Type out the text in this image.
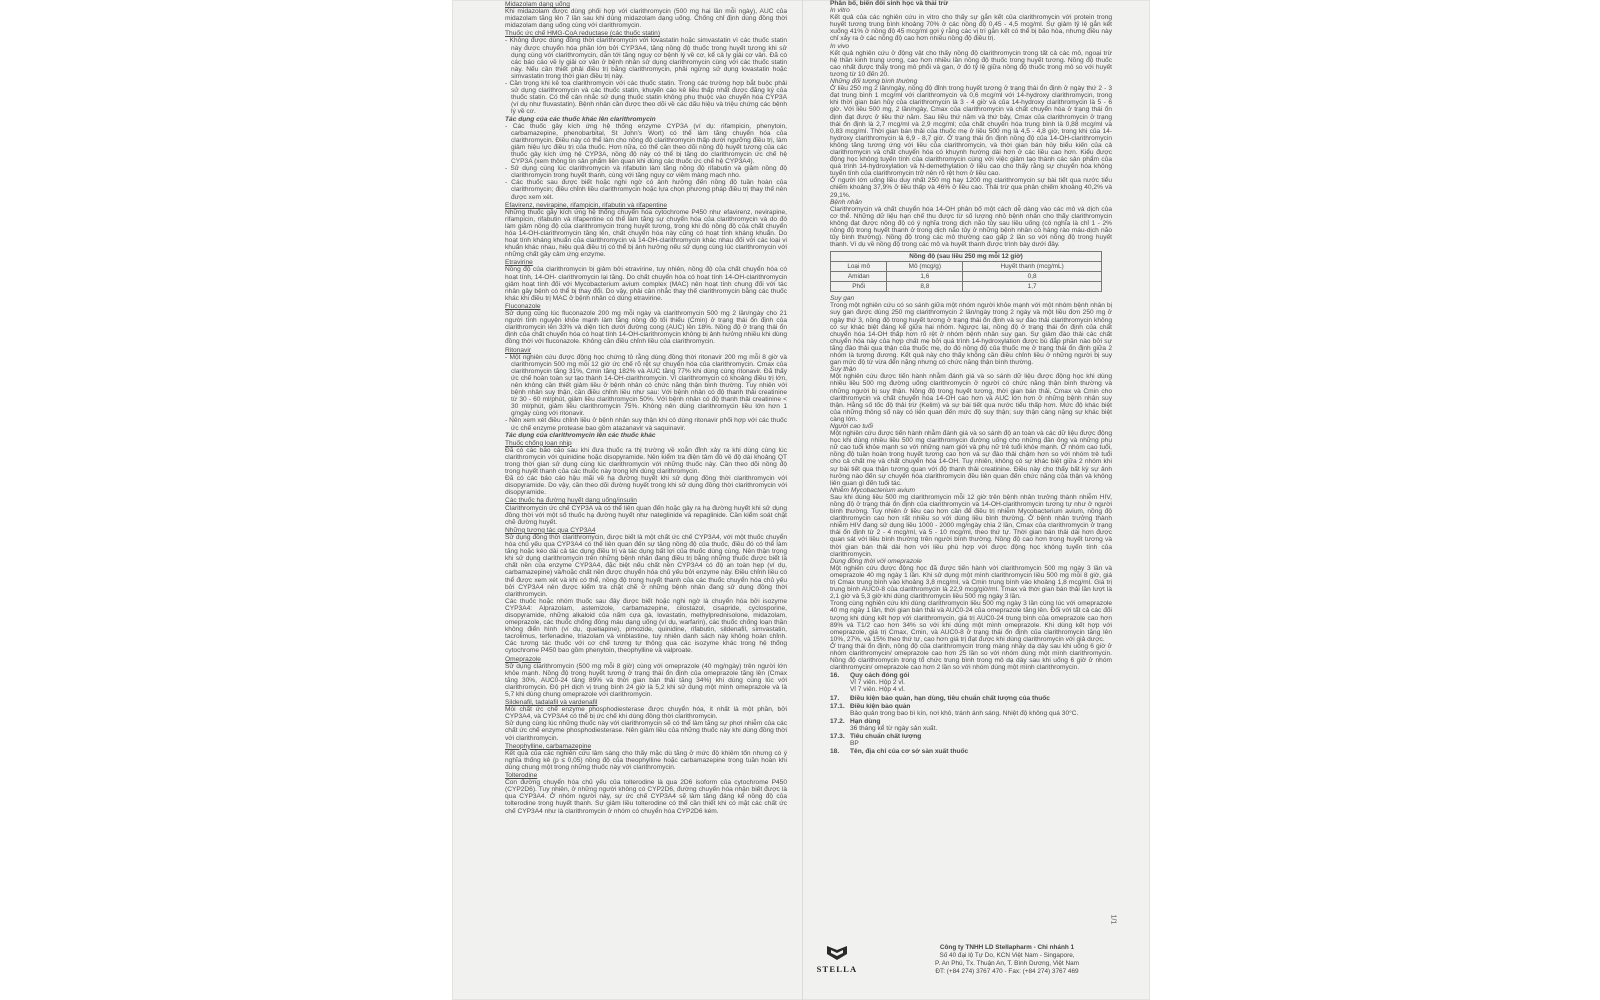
Midazolam dạng uống

Khi midazolam được dùng phối hợp với clarithromycin (500 mg hai lần mỗi ngày), AUC của midazolam tăng lên 7 lần sau khi dùng midazolam dạng uống. Chống chỉ định dùng đồng thời midazolam dạng uống cùng với clarithromycin.

Thuốc ức chế HMG-CoA reductase (các thuốc statin)

- Không được dùng đồng thời clarithromycin với lovastatin hoặc simvastatin vì các thuốc statin này được chuyển hóa phần lớn bởi CYP3A4, tăng nồng độ thuốc trong huyết tương khi sử dụng cùng với clarithromycin, dẫn tới tăng nguy cơ bệnh lý về cơ, kể cả ly giải cơ vân. Đã có các báo cáo về ly giải cơ vân ở bệnh nhân sử dụng clarithromycin cùng với các thuốc statin này. Nếu cần thiết phải điều trị bằng clarithromycin, phải ngừng sử dụng lovastatin hoặc simvastatin trong thời gian điều trị này.

- Cần trọng khi kê toa clarithromycin với các thuốc statin. Trong các trường hợp bắt buộc phải sử dụng clarithromycin và các thuốc statin, khuyến cáo kê liều thấp nhất được đăng ký của thuốc statin. Có thể cân nhắc sử dụng thuốc statin không phụ thuộc vào chuyển hóa CYP3A (ví dụ như fluvastatin). Bệnh nhân cần được theo dõi về các dấu hiệu và triệu chứng các bệnh lý về cơ.

Tác dụng của các thuốc khác lên clarithromycin

- Các thuốc gây kích ứng hệ thống enzyme CYP3A (ví dụ: rifampicin, phenytoin, carbamazepine, phenobarbital, St John's Wort) có thể làm tăng chuyển hóa của clarithromycin. Điều này có thể làm cho nồng độ clarithromycin thấp dưới ngưỡng điều trị, làm giảm hiệu lực điều trị của thuốc. Hơn nữa, có thể cần theo dõi nồng độ huyết tương của các thuốc gây kích ứng hệ CYP3A, nồng độ này có thể bị tăng do clarithromycin ức chế hệ CYP3A (xem thông tin sản phẩm liên quan khi dùng các thuốc ức chế hệ CYP3A4).

- Sử dụng cùng lúc clarithromycin và rifabutin làm tăng nồng độ rifabutin và giảm nồng độ clarithromycin trong huyết thanh, cùng với tăng nguy cơ viêm màng mạch nho.

- Các thuốc sau được biết hoặc nghi ngờ có ảnh hưởng đến nồng độ tuần hoàn của clarithromycin; điều chỉnh liều clarithromycin hoặc lựa chọn phương pháp điều trị thay thế nên được xem xét.

Efavirenz, nevirapine, rifampicin, rifabutin và rifapentine

Những thuốc gây kích ứng hệ thống chuyển hóa cytochrome P450 như efavirenz, nevirapine, rifampicin, rifabutin và rifapentine có thể làm tăng sự chuyển hóa của clarithromycin và do đó làm giảm nồng độ của clarithromycin trong huyết tương, trong khi đó nồng độ của chất chuyển hóa 14-OH-clarithromycin tăng lên, chất chuyển hóa này cũng có hoạt tính kháng khuẩn. Do hoạt tính kháng khuẩn của clarithromycin và 14-OH-clarithromycin khác nhau đối với các loại vi khuẩn khác nhau, hiệu quả điều trị có thể bị ảnh hưởng nếu sử dụng cùng lúc clarithromycin với những chất gây cảm ứng enzyme.

Etravirine

Nồng độ của clarithromycin bị giảm bởi etravirine, tuy nhiên, nồng độ của chất chuyển hóa có hoạt tính, 14-OH- clarithromycin lại tăng. Do chất chuyển hóa có hoạt tính 14-OH-clarithromycin giảm hoạt tính đối với Mycobacterium avium complex (MAC) nên hoạt tính chung đối với tác nhân gây bệnh có thể bị thay đổi. Do vậy, phải cân nhắc thay thế clarithromycin bằng các thuốc khác khi điều trị MAC ở bệnh nhân có dùng etravirine.

Fluconazole

Sử dụng cùng lúc fluconazole 200 mg mỗi ngày và clarithromycin 500 mg 2 lần/ngày cho 21 người tình nguyện khỏe mạnh làm tăng nồng độ tối thiểu (Cmin) ở trạng thái ổn định của clarithromycin lên 33% và diện tích dưới đường cong (AUC) lên 18%. Nồng độ ở trạng thái ổn định của chất chuyển hóa có hoạt tính 14-OH-clarithromycin không bị ảnh hưởng nhiều khi dùng đồng thời với fluconazole. Không cần điều chỉnh liều của clarithromycin.

Ritonavir

- Một nghiên cứu được động học chứng tỏ rằng dùng đồng thời ritonavir 200 mg mỗi 8 giờ và clarithromycin 500 mg mỗi 12 giờ ức chế rõ rệt sự chuyển hóa của clarithromycin. Cmax của clarithromycin tăng 31%, Cmin tăng 182% và AUC tăng 77% khi dùng cùng ritonavir. Đã thấy ức chế hoàn toàn sự tạo thành 14-OH-clarithromycin. Vì clarithromycin có khoảng điều trị lớn, nên không cần thiết giảm liều ở bệnh nhân có chức năng thận bình thường. Tuy nhiên với bệnh nhân suy thận, cần điều chỉnh liều như sau: Với bệnh nhân có độ thanh thải creatinine từ 30 - 60 ml/phút, giảm liều clarithromycin 50%. Với bệnh nhân có độ thanh thải creatinine < 30 ml/phút, giảm liều clarithromycin 75%. Không nên dùng clarithromycin liều lớn hơn 1 g/ngày cùng với ritonavir.

- Nên xem xét điều chỉnh liều ở bệnh nhân suy thận khi có dùng ritonavir phối hợp với các thuốc ức chế enzyme protease bao gồm atazanavir và saquinavir.

Tác dụng của clarithromycin lên các thuốc khác

Thuốc chống loạn nhịp

Đã có các báo cáo sau khi đưa thuốc ra thị trường về xoắn đỉnh xảy ra khi dùng cùng lúc clarithromycin với quinidine hoặc disopyramide. Nên kiểm tra điện tâm đồ về độ dài khoảng QT trong thời gian sử dụng cùng lúc clarithromycin với những thuốc này. Cần theo dõi nồng độ trong huyết thanh của các thuốc này trong khi dùng clarithromycin.

Đã có các báo cáo hậu mãi về hạ đường huyết khi sử dụng đồng thời clarithromycin với disopyramide. Do vậy, cần theo dõi đường huyết trong khi sử dụng đồng thời clarithromycin với disopyramide.

Các thuốc hạ đường huyết dạng uống/insulin

Clarithromycin ức chế CYP3A và có thể liên quan đến hoặc gây ra hạ đường huyết khi sử dụng đồng thời với một số thuốc hạ đường huyết như nateglinide và repaglinide. Cần kiểm soát chặt chẽ đường huyết.

Những tương tác qua CYP3A4

Sử dụng đồng thời clarithromycin, được biết là một chất ức chế CYP3A4, với một thuốc chuyển hóa chủ yếu qua CYP3A4 có thể liên quan đến sự tăng nồng độ của thuốc, điều đó có thể làm tăng hoặc kéo dài cả tác dụng điều trị và tác dụng bất lợi của thuốc dùng cùng. Nên thận trọng khi sử dụng clarithromycin trên những bệnh nhân đang điều trị bằng những thuốc được biết là chất nền của enzyme CYP3A4, đặc biệt nếu chất nền CYP3A4 có độ an toàn hẹp (ví dụ, carbamazepine) và/hoặc chất nền được chuyển hóa chủ yếu bởi enzyme này. Điều chỉnh liều có thể được xem xét và khi có thể, nồng độ trong huyết thanh của các thuốc chuyển hóa chủ yếu bởi CYP3A4 nên được kiểm tra chặt chẽ ở những bệnh nhân đang sử dụng đồng thời clarithromycin.

Các thuốc hoặc nhóm thuốc sau đây được biết hoặc nghi ngờ là chuyển hóa bởi isozyme CYP3A4: Alprazolam, astemizole, carbamazepine, cilostazol, cisapride, cyclosporine, disopyramide, những alkaloid của nấm cựa gà, lovastatin, methylprednisolone, midazolam, omeprazole, các thuốc chống đông máu dạng uống (ví dụ, warfarin), các thuốc chống loạn thần không điển hình (ví dụ, quetiapine), pimozide, quinidine, rifabutin, sildenafil, simvastatin, tacrolimus, terfenadine, triazolam và vinblastine, tuy nhiên danh sách này không hoàn chỉnh. Các tương tác thuốc với cơ chế tương tự thông qua các isozyme khác trong hệ thống cytochrome P450 bao gồm phenytoin, theophylline và valproate.

Omeprazole

Sử dụng clarithromycin (500 mg mỗi 8 giờ) cùng với omeprazole (40 mg/ngày) trên người lớn khỏe mạnh. Nồng độ trong huyết tương ở trạng thái ổn định của omeprazole tăng lên (Cmax tăng 30%, AUC0-24 tăng 89% và thời gian bán thải tăng 34%) khi dùng cùng lúc với clarithromycin. Độ pH dịch vị trung bình 24 giờ là 5,2 khi sử dụng một mình omeprazole và là 5,7 khi dùng chung omeprazole với clarithromycin.

Sildenafil, tadalafil và vardenafil

Mỗi chất ức chế enzyme phosphodiesterase được chuyển hóa, ít nhất là một phần, bởi CYP3A4, và CYP3A4 có thể bị ức chế khi dùng đồng thời clarithromycin.

Sử dụng cùng lúc những thuốc này với clarithromycin sẽ có thể làm tăng sự phơi nhiễm của các chất ức chế enzyme phosphodiesterase. Nên giảm liều của những thuốc này khi dùng đồng thời với clarithromycin.

Theophylline, carbamazepine

Kết quả của các nghiên cứu lâm sàng cho thấy mặc dù tăng ở mức độ khiêm tốn nhưng có ý nghĩa thống kê (p ≤ 0,05) nồng độ của theophylline hoặc carbamazepine trong tuần hoàn khi dùng chung một trong những thuốc này với clarithromycin.

Tolterodine

Con đường chuyển hóa chủ yếu của tolterodine là qua 2D6 isoform của cytochrome P450 (CYP2D6). Tuy nhiên, ở những người không có CYP2D6, đường chuyển hóa nhận biết được là qua CYP3A4. Ở nhóm người này, sự ức chế CYP3A4 sẽ làm tăng đáng kể nồng độ của tolterodine trong huyết thanh. Sự giảm liều tolterodine có thể cần thiết khi có mặt các chất ức chế CYP3A4 như là clarithromycin ở nhóm có chuyển hóa CYP2D6 kém.

Phân bố, biến đổi sinh học và thải trừ

In vitro

Kết quả của các nghiên cứu in vitro cho thấy sự gắn kết của clarithromycin với protein trong huyết tương trung bình khoảng 70% ở các nồng độ 0,45 - 4,5 mcg/ml. Sự giảm tỷ lệ gắn kết xuống 41% ở nồng độ 45 mcg/ml gợi ý rằng các vị trí gắn kết có thể bị bão hòa, nhưng điều này chỉ xảy ra ở các nồng độ cao hơn nhiều nồng độ điều trị.

In vivo

Kết quả nghiên cứu ở động vật cho thấy nồng độ clarithromycin trong tất cả các mô, ngoại trừ hệ thần kinh trung ương, cao hơn nhiều lần nồng độ thuốc trong huyết tương. Nồng độ thuốc cao nhất được thấy trong mô phổi và gan, ở đó tỷ lệ giữa nồng độ thuốc trong mô so với huyết tương từ 10 đến 20.

Những đối tượng bình thường

Ở liều 250 mg 2 lần/ngày, nồng độ đỉnh trong huyết tương ở trạng thái ổn định ở ngày thứ 2 - 3 đạt trung bình 1 mcg/ml với clarithromycin và 0,6 mcg/ml với 14-hydroxy clarithromycin, trong khi thời gian bán hủy của clarithromycin là 3 - 4 giờ và của 14-hydroxy clarithromycin là 5 - 6 giờ. Với liều 500 mg, 2 lần/ngày, Cmax của clarithromycin và chất chuyển hóa ở trạng thái ổn định đạt được ở liều thứ năm. Sau liều thứ năm và thứ bảy, Cmax của clarithromycin ở trạng thái ổn định là 2,7 mcg/ml và 2,9 mcg/ml; của chất chuyển hóa trung bình là 0,88 mcg/ml và 0,83 mcg/ml. Thời gian bán thải của thuốc mẹ ở liều 500 mg là 4,5 - 4,8 giờ, trong khi của 14-hydroxy clarithromycin là 6,9 - 8,7 giờ. Ở trạng thái ổn định nồng độ của 14-OH-clarithromycin không tăng tương ứng với liều của clarithromycin, và thời gian bán hủy biểu kiến của cả clarithromycin và chất chuyển hóa có khuynh hướng dài hơn ở các liều cao hơn. Kiểu được động học không tuyến tính của clarithromycin cùng với việc giảm tạo thành các sản phẩm của quá trình 14-hydroxylation và N-demethylation ở liều cao cho thấy rằng sự chuyển hóa không tuyến tính của clarithromycin trở nên rõ rệt hơn ở liều cao.

Ở người lớn uống liều duy nhất 250 mg hay 1200 mg clarithromycin sự bài tiết qua nước tiểu chiếm khoảng 37,9% ở liều thấp và 46% ở liều cao. Thải trừ qua phân chiếm khoảng 40,2% và 29,1%.

Bệnh nhân

Clarithromycin và chất chuyển hóa 14-OH phân bố một cách dễ dàng vào các mô và dịch của cơ thể. Những dữ liệu hạn chế thu được từ số lượng nhỏ bệnh nhân cho thấy clarithromycin không đạt được nồng độ có ý nghĩa trong dịch não tủy sau liều uống (có nghĩa là chỉ 1 - 2% nồng độ trong huyết thanh ở trong dịch não tủy ở những bệnh nhân có hàng rào máu-dịch não tủy bình thường). Nồng độ trong các mô thường cao gấp 2 lần so với nồng độ trong huyết thanh. Ví dụ về nồng độ trong các mô và huyết thanh được trình bày dưới đây.

Nồng độ (sau liều 250 mg mỗi 12 giờ)		
Loại mô	Mô (mcg/g)	Huyết thanh (mcg/mL)
Amidan	1,6	0,8
Phổi	8,8	1,7

Suy gan

Trong một nghiên cứu có so sánh giữa một nhóm người khỏe mạnh với một nhóm bệnh nhân bị suy gan được dùng 250 mg clarithromycin 2 lần/ngày trong 2 ngày và một liều đơn 250 mg ở ngày thứ 3, nồng độ trong huyết tương ở trạng thái ổn định và sự đào thải clarithromycin không có sự khác biệt đáng kể giữa hai nhóm. Ngược lại, nồng độ ở trạng thái ổn định của chất chuyển hóa 14-OH thấp hơn rõ rệt ở nhóm bệnh nhân suy gan. Sự giảm đào thải các chất chuyển hóa này của hợp chất mẹ bởi quá trình 14-hydroxylation được bù đắp phần nào bởi sự tăng đào thải qua thận của thuốc mẹ, do đó nồng độ của thuốc mẹ ở trạng thái ổn định giữa 2 nhóm là tương đương. Kết quả này cho thấy không cần điều chỉnh liều ở những người bị suy gan mức độ từ vừa đến nặng nhưng có chức năng thận bình thường.

Suy thận

Một nghiên cứu được tiến hành nhằm đánh giá và so sánh dữ liệu được động học khi dùng nhiều liều 500 mg đường uống clarithromycin ở người có chức năng thận bình thường và những người bị suy thận. Nồng độ trong huyết tương, thời gian bán thải, Cmax và Cmin cho clarithromycin và chất chuyển hóa 14-OH cao hơn và AUC lớn hơn ở những bệnh nhân suy thận. Hằng số tốc độ thải trừ (Kelim) và sự bài tiết qua nước tiểu thấp hơn. Mức độ khác biệt của những thông số này có liên quan đến mức độ suy thận; suy thận càng nặng sự khác biệt càng lớn.

Người cao tuổi

Một nghiên cứu được tiến hành nhằm đánh giá và so sánh độ an toàn và các dữ liệu được động học khi dùng nhiều liều 500 mg clarithromycin đường uống cho những đàn ông và những phụ nữ cao tuổi khỏe mạnh so với những nam giới và phụ nữ trẻ tuổi khỏe mạnh. Ở nhóm cao tuổi, nồng độ tuần hoàn trong huyết tương cao hơn và sự đào thải chậm hơn so với nhóm trẻ tuổi cho cả chất mẹ và chất chuyển hóa 14-OH. Tuy nhiên, không có sự khác biệt giữa 2 nhóm khi sự bài tiết qua thận tương quan với độ thanh thải creatinine. Điều này cho thấy bất kỳ sự ảnh hưởng nào đến sự chuyển hóa clarithromycin đều liên quan đến chức năng của thận và không liên quan gì đến tuổi tác.

Nhiễm Mycobacterium avium

Sau khi dùng liều 500 mg clarithromycin mỗi 12 giờ trên bệnh nhân trưởng thành nhiễm HIV, nồng độ ở trạng thái ổn định của clarithromycin và 14-OH-clarithromycin tương tự như ở người bình thường. Tuy nhiên ở liều cao hơn cần để điều trị nhiễm Mycobacterium avium, nồng độ clarithromycin cao hơn rất nhiều so với dùng liều bình thường. Ở bệnh nhân trưởng thành nhiễm HIV đang sử dụng liều 1000 - 2000 mg/ngày chia 2 lần, Cmax của clarithromycin ở trạng thái ổn định từ 2 - 4 mcg/ml, và 5 - 10 mcg/ml, theo thứ tự. Thời gian bán thải dài hơn được quan sát với liều bình thường trên người bình thường. Nồng độ cao hơn trong huyết tương và thời gian bán thải dài hơn với liều phù hợp với được động học không tuyến tính của clarithromycin.

Dùng đồng thời với omeprazole

Một nghiên cứu được động học đã được tiến hành với clarithromycin 500 mg ngày 3 lần và omeprazole 40 mg ngày 1 lần. Khi sử dụng một mình clarithromycin liều 500 mg mỗi 8 giờ, giá trị Cmax trung bình vào khoảng 3,8 mcg/ml, và Cmin trung bình vào khoảng 1,8 mcg/ml. Giá trị trung bình AUC0-8 của clarithromycin là 22,9 mcg/giờ/ml. Tmax và thời gian bán thải lần lượt là 2,1 giờ và 5,3 giờ khi dùng clarithromycin liều 500 mg ngày 3 lần.

Trong cùng nghiên cứu khi dùng clarithromycin liều 500 mg ngày 3 lần cùng lúc với omeprazole 40 mg ngày 1 lần, thời gian bán thải và AUC0-24 của omeprazole tăng lên. Đối với tất cả các đối tượng khi dùng kết hợp với clarithromycin, giá trị AUC0-24 trung bình của omeprazole cao hơn 89% và T1/2 cao hơn 34% so với khi dùng một mình omeprazole. Khi dùng kết hợp với omeprazole, giá trị Cmax, Cmin, và AUC0-8 ở trạng thái ổn định của clarithromycin tăng lên 10%, 27%, và 15% theo thứ tự, cao hơn giá trị đạt được khi dùng clarithromycin với giả dược.

Ở trạng thái ổn định, nồng độ của clarithromycin trong màng nhầy dạ dày sau khi uống 6 giờ ở nhóm clarithromycin/ omeprazole cao hơn 25 lần so với nhóm dùng một mình clarithromycin. Nồng độ clarithromycin trong tổ chức trung bình trong mô dạ dày sau khi uống 6 giờ ở nhóm clarithromycin/ omeprazole cao hơn 2 lần so với nhóm dùng một mình clarithromycin.

16.	Quy cách đóng gói

Vỉ 7 viên. Hộp 2 vỉ.

Vỉ 7 viên. Hộp 4 vỉ.

17.	Điều kiện bảo quản, hạn dùng, tiêu chuẩn chất lượng của thuốc
17.1. Điều kiện bảo quản

Bảo quản trong bao bì kín, nơi khô, tránh ánh sáng. Nhiệt độ không quá 30°C.

17.2. Hạn dùng

36 tháng kể từ ngày sản xuất.

17.3. Tiêu chuẩn chất lượng

BP

18.	Tên, địa chỉ của cơ sở sản xuất thuốc
1/1
STELLA
Công ty TNHH LD Stellapharm - Chi nhánh 1
Số 40 đại lộ Tự Do, KCN Việt Nam - Singapore,
P. An Phú, Tx. Thuận An, T. Bình Dương, Việt Nam
ĐT: (+84 274) 3767 470 - Fax: (+84 274) 3767 469
